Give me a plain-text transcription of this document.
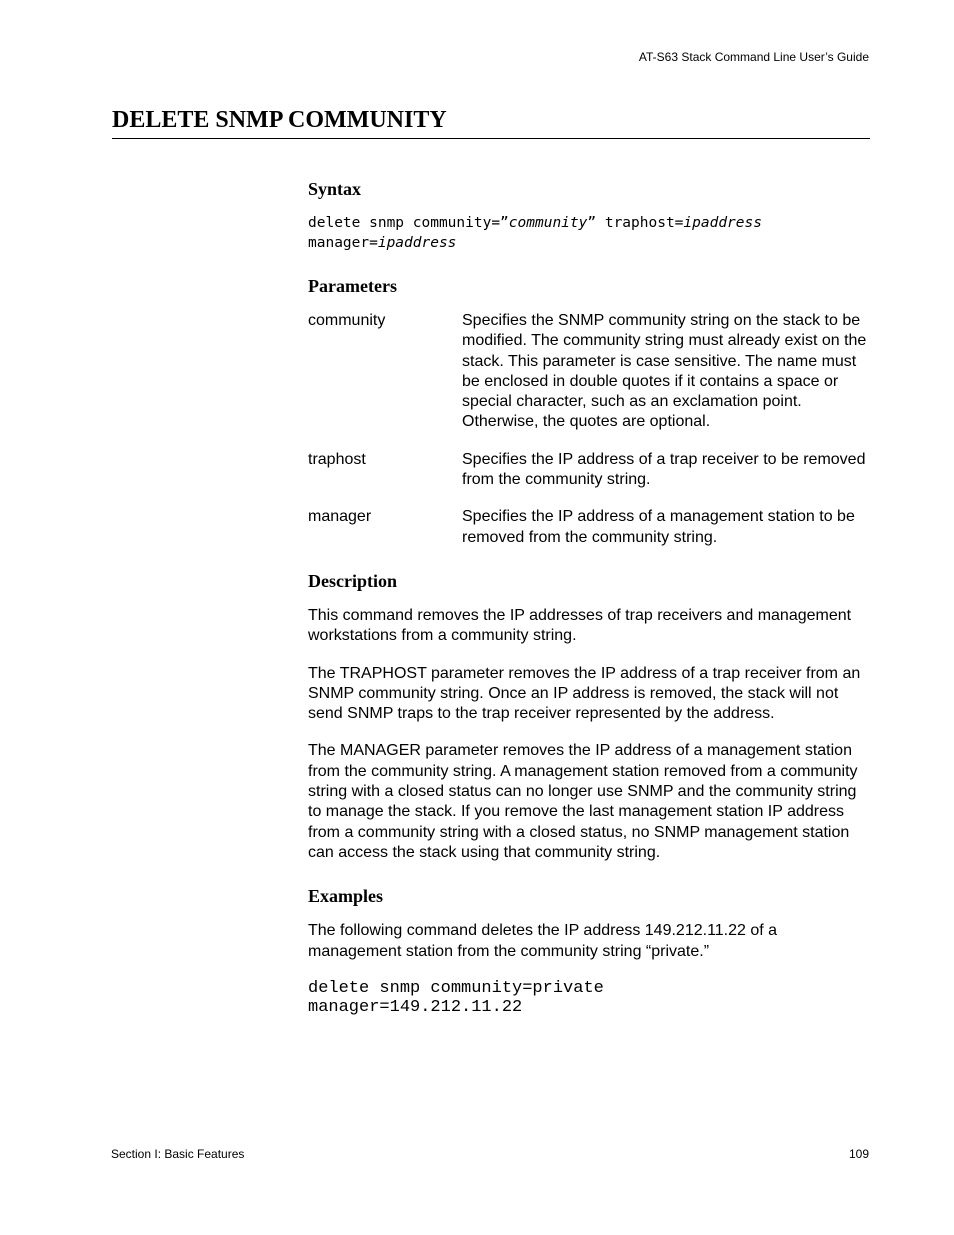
AT-S63 Stack Command Line User’s Guide
DELETE SNMP COMMUNITY
Syntax
delete snmp community=”community” traphost=ipaddress
manager=ipaddress
Parameters
community	Specifies the SNMP community string on the stack to be modified. The community string must already exist on the stack. This parameter is case sensitive. The name must be enclosed in double quotes if it contains a space or special character, such as an exclamation point. Otherwise, the quotes are optional.
traphost	Specifies the IP address of a trap receiver to be removed from the community string.
manager	Specifies the IP address of a management station to be removed from the community string.
Description

This command removes the IP addresses of trap receivers and management workstations from a community string.

The TRAPHOST parameter removes the IP address of a trap receiver from an SNMP community string. Once an IP address is removed, the stack will not send SNMP traps to the trap receiver represented by the address.

The MANAGER parameter removes the IP address of a management station from the community string. A management station removed from a community string with a closed status can no longer use SNMP and the community string to manage the stack. If you remove the last management station IP address from a community string with a closed status, no SNMP management station can access the stack using that community string.

Examples

The following command deletes the IP address 149.212.11.22 of a management station from the community string “private.”

delete snmp community=private
manager=149.212.11.22
Section I: Basic Features	109
